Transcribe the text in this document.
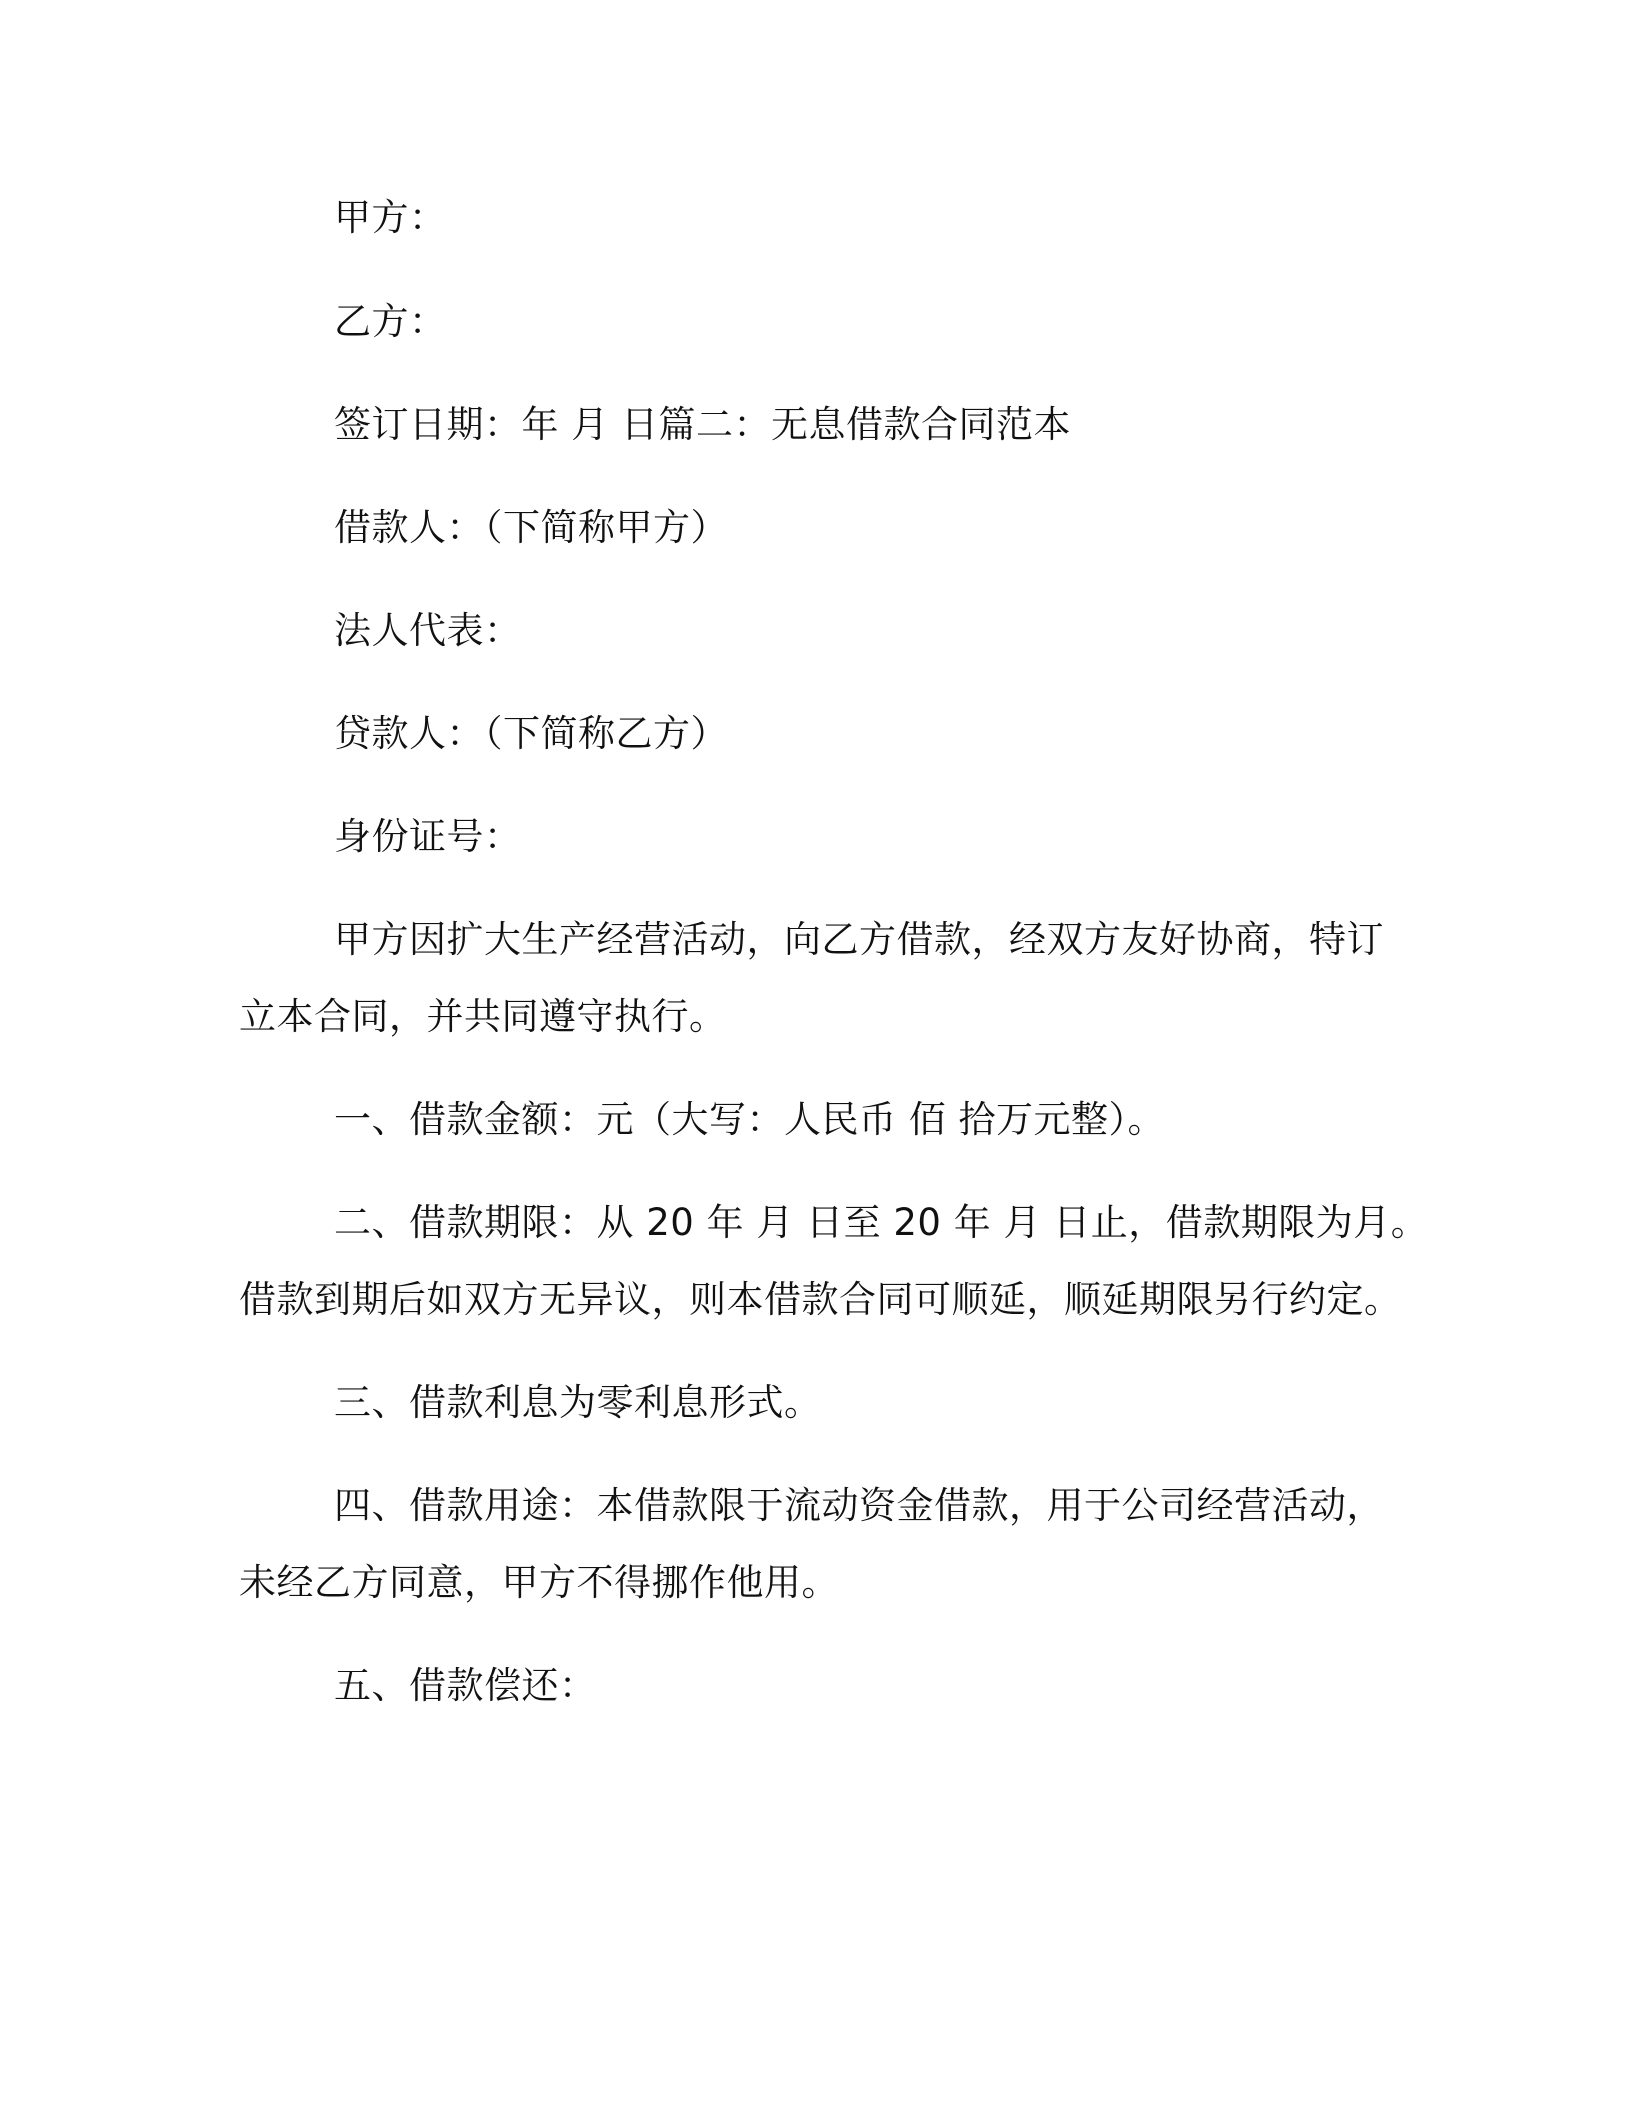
甲方：
乙方：
签订日期：年 月 日篇二：无息借款合同范本
借款人：（下简称甲方）
法人代表：
贷款人：（下简称乙方）
身份证号：
甲方因扩大生产经营活动，向乙方借款，经双方友好协商，特订
立本合同，并共同遵守执行。
一、借款金额：元（大写：人民币 佰 拾万元整）。
二、借款期限：从 20 年 月 日至 20 年 月 日止，借款期限为月。
借款到期后如双方无异议，则本借款合同可顺延，顺延期限另行约定。
三、借款利息为零利息形式。
四、借款用途：本借款限于流动资金借款，用于公司经营活动，
未经乙方同意，甲方不得挪作他用。
五、借款偿还：
